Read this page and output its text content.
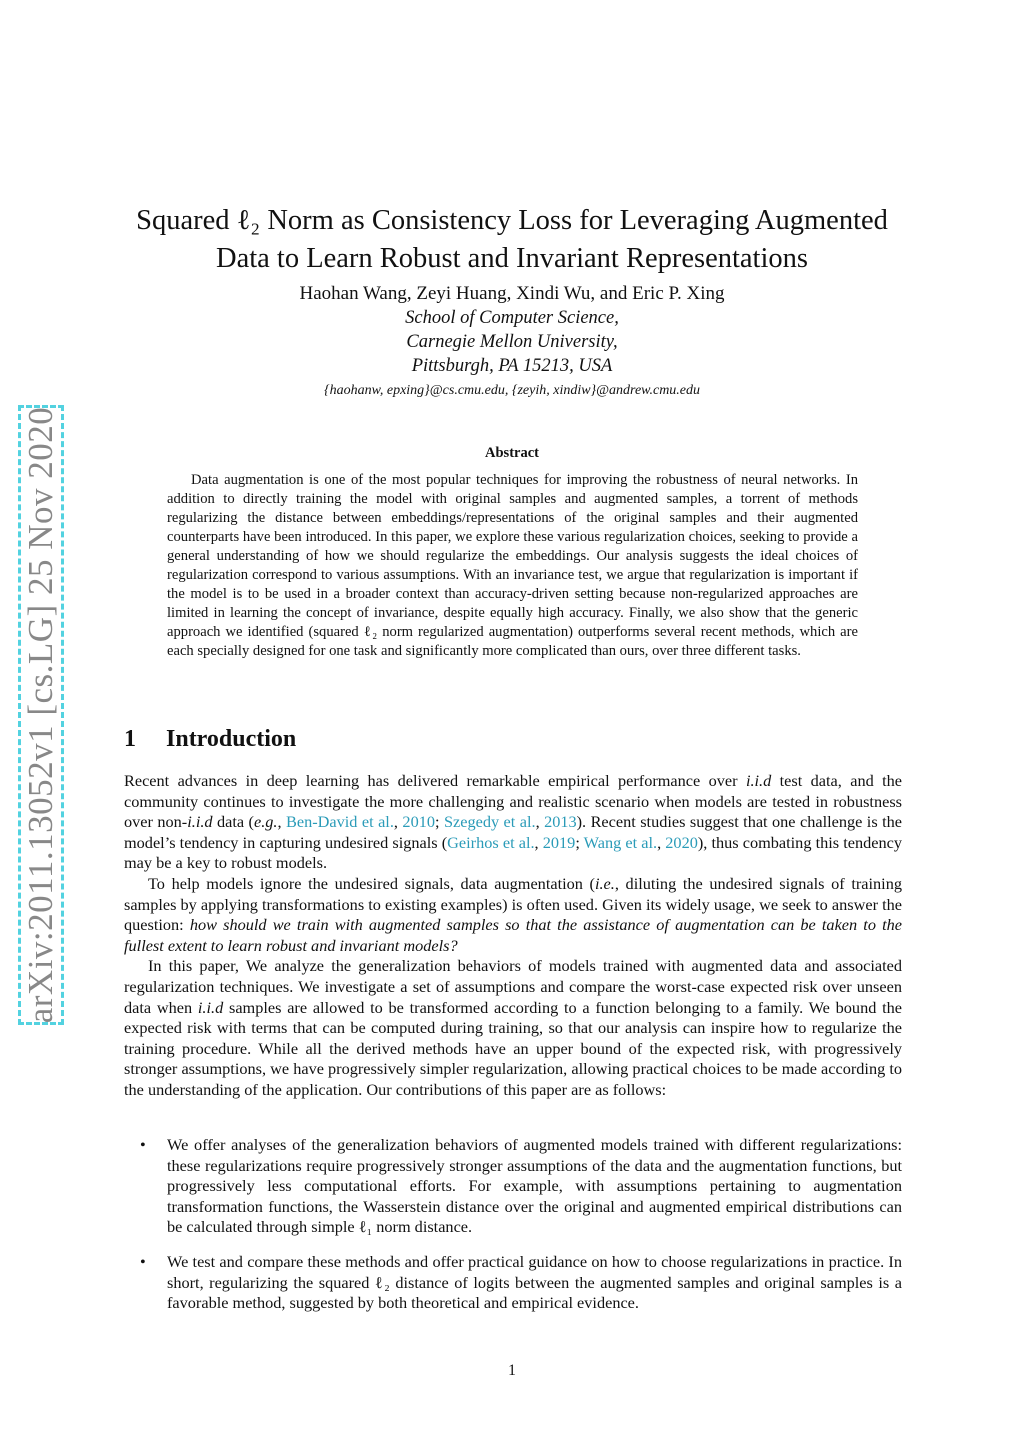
arXiv:2011.13052v1 [cs.LG] 25 Nov 2020
Squared ℓ₂ Norm as Consistency Loss for Leveraging Augmented
Data to Learn Robust and Invariant Representations
Haohan Wang, Zeyi Huang, Xindi Wu, and Eric P. Xing
School of Computer Science,
Carnegie Mellon University,
Pittsburgh, PA 15213, USA
{haohanw, epxing}@cs.cmu.edu, {zeyih, xindiw}@andrew.cmu.edu
Abstract
Data augmentation is one of the most popular techniques for improving the robustness of neural networks. In addition to directly training the model with original samples and augmented samples, a torrent of methods regularizing the distance between embeddings/representations of the original samples and their augmented counterparts have been introduced. In this paper, we explore these various regularization choices, seeking to provide a general understanding of how we should regularize the embeddings. Our analysis suggests the ideal choices of regularization correspond to various assumptions. With an invariance test, we argue that regularization is important if the model is to be used in a broader context than accuracy-driven setting because non-regularized approaches are limited in learning the concept of invariance, despite equally high accuracy. Finally, we also show that the generic approach we identified (squared ℓ₂ norm regularized augmentation) outperforms several recent methods, which are each specially designed for one task and significantly more complicated than ours, over three different tasks.
1 Introduction

Recent advances in deep learning has delivered remarkable empirical performance over i.i.d test data, and the community continues to investigate the more challenging and realistic scenario when models are tested in robustness over non-i.i.d data (e.g., Ben-David et al., 2010; Szegedy et al., 2013). Recent studies suggest that one challenge is the model’s tendency in capturing undesired signals (Geirhos et al., 2019; Wang et al., 2020), thus combating this tendency may be a key to robust models.

To help models ignore the undesired signals, data augmentation (i.e., diluting the undesired signals of training samples by applying transformations to existing examples) is often used. Given its widely usage, we seek to answer the question: how should we train with augmented samples so that the assistance of augmentation can be taken to the fullest extent to learn robust and invariant models?

In this paper, We analyze the generalization behaviors of models trained with augmented data and associated regularization techniques. We investigate a set of assumptions and compare the worst-case expected risk over unseen data when i.i.d samples are allowed to be transformed according to a function belonging to a family. We bound the expected risk with terms that can be computed during training, so that our analysis can inspire how to regularize the training procedure. While all the derived methods have an upper bound of the expected risk, with progressively stronger assumptions, we have progressively simpler regularization, allowing practical choices to be made according to the understanding of the application. Our contributions of this paper are as follows:

• We offer analyses of the generalization behaviors of augmented models trained with different regularizations: these regularizations require progressively stronger assumptions of the data and the augmentation functions, but progressively less computational efforts. For example, with assumptions pertaining to augmentation transformation functions, the Wasserstein distance over the original and augmented empirical distributions can be calculated through simple ℓ₁ norm distance.
• We test and compare these methods and offer practical guidance on how to choose regularizations in practice. In short, regularizing the squared ℓ₂ distance of logits between the augmented samples and original samples is a favorable method, suggested by both theoretical and empirical evidence.
1
